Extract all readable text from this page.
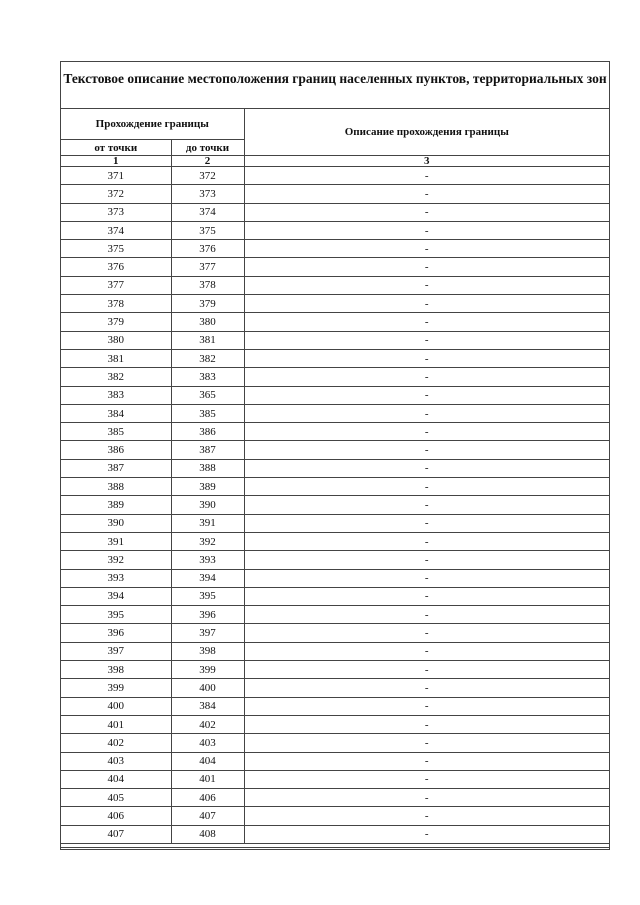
Текстовое описание местоположения границ населенных пунктов, территориальных зон
Прохождение границы		Описание прохождения границы
от точки	до точки	
1	2	3
371	372	-
372	373	-
373	374	-
374	375	-
375	376	-
376	377	-
377	378	-
378	379	-
379	380	-
380	381	-
381	382	-
382	383	-
383	365	-
384	385	-
385	386	-
386	387	-
387	388	-
388	389	-
389	390	-
390	391	-
391	392	-
392	393	-
393	394	-
394	395	-
395	396	-
396	397	-
397	398	-
398	399	-
399	400	-
400	384	-
401	402	-
402	403	-
403	404	-
404	401	-
405	406	-
406	407	-
407	408	-
